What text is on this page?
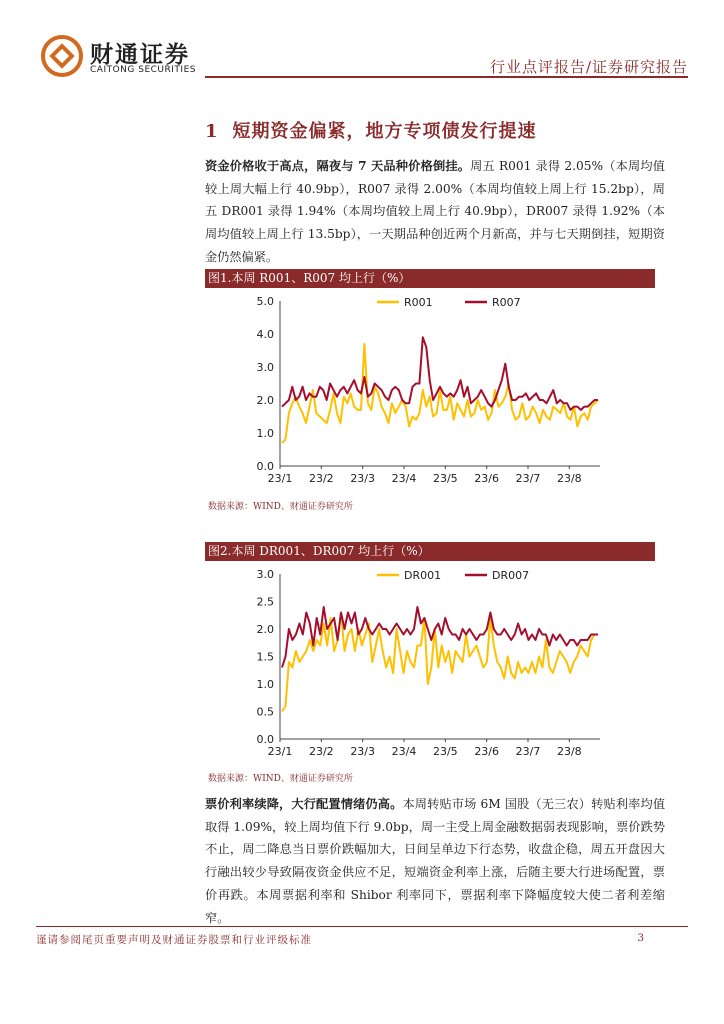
财通证券
CAITONG SECURITIES	行业点评报告/证券研究报告
1 短期资金偏紧，地方专项债发行提速
资金价格收于高点，隔夜与 7 天品种价格倒挂。周五 R001 录得 2.05%（本周均值较上周大幅上行 40.9bp），R007 录得 2.00%（本周均值较上周上行 15.2bp），周五 DR001 录得 1.94%（本周均值较上周上行 40.9bp），DR007 录得 1.92%（本周均值较上周上行 13.5bp），一天期品种创近两个月新高，并与七天期倒挂，短期资金仍然偏紧。
图1.本周 R001、R007 均上行（%）
0.0
1.0
2.0
3.0
4.0
5.0
23/1 23/2 23/3 23/4 23/5 23/6 23/7 23/8
R001	R007
数据来源：WIND、财通证券研究所
图2.本周 DR001、DR007 均上行（%）
0.0
0.5
1.0
1.5
2.0
2.5
3.0
23/1 23/2 23/3 23/4 23/5 23/6 23/7 23/8
DR001	DR007
数据来源：WIND、财通证券研究所
票价利率续降，大行配置情绪仍高。本周转贴市场 6M 国股（无三农）转贴利率均值取得 1.09%，较上周均值下行 9.0bp，周一主受上周金融数据弱表现影响，票价跌势不止，周二降息当日票价跌幅加大，日间呈单边下行态势，收盘企稳，周五开盘因大行融出较少导致隔夜资金供应不足，短端资金利率上涨，后随主要大行进场配置，票价再跌。本周票据利率和 Shibor 利率同下，票据利率下降幅度较大使二者利差缩窄。
谨请参阅尾页重要声明及财通证券股票和行业评级标准	3
